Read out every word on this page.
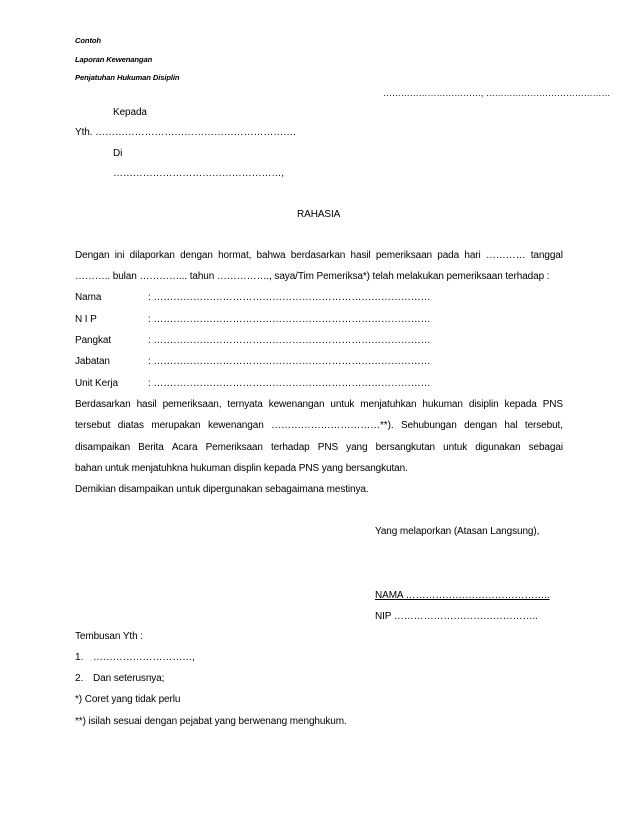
Contoh
Laporan Kewenangan
Penjatuhan Hukuman Disiplin
……………………………, ……………………………………
Kepada
Yth. …………………………………………………….
Di
……………………………………………,
RAHASIA
Dengan ini dilaporkan dengan hormat, bahwa berdasarkan hasil pemeriksaan pada hari ………… tanggal
……….. bulan …………... tahun ……………., saya/Tim Pemeriksa*) telah melakukan pemeriksaan terhadap :
Nama	: …………………………………………………………………………
N I P	: …………………………………………………………………………
Pangkat	: …………………………………………………………………………
Jabatan	: …………………………………………………………………………
Unit Kerja	: …………………………………………………………………………
Berdasarkan hasil pemeriksaan, ternyata kewenangan untuk menjatuhkan hukuman disiplin kepada PNS
tersebut diatas merupakan kewenangan ……………………………**). Sehubungan dengan hal tersebut,
disampaikan Berita Acara Pemeriksaan terhadap PNS yang bersangkutan untuk digunakan sebagai
bahan untuk menjatuhkna hukuman displin kepada PNS yang bersangkutan.
Demikian disampaikan untuk dipergunakan sebagaimana mestinya.
Yang melaporkan (Atasan Langsung),
NAMA ……………………………………..
NIP ……………………………………..
Tembusan Yth :
1. …………………………,
2. Dan seterusnya;
*) Coret yang tidak perlu
**) isilah sesuai dengan pejabat yang berwenang menghukum.
